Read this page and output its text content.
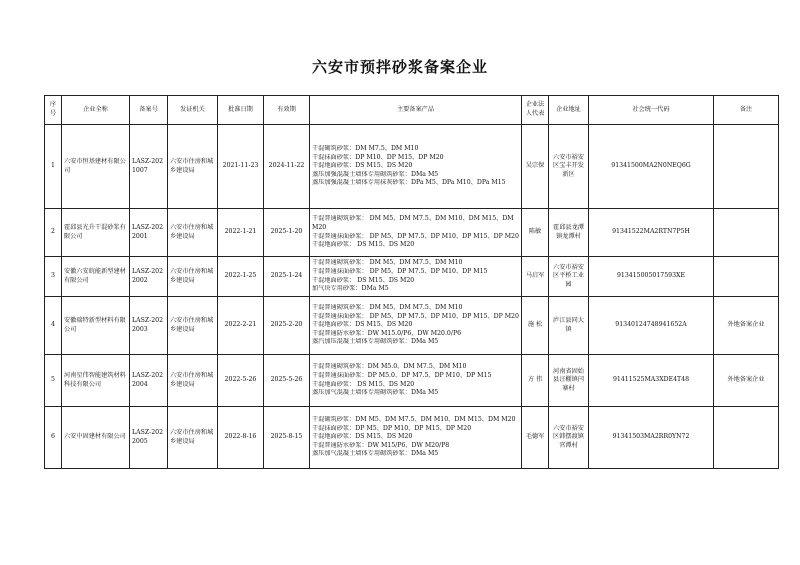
六安市预拌砂浆备案企业
序号	企业全称	备案号	发证机关	批准日期	有效期	主要备案产品	企业法人代表	企业地址	社会统一代码	备注
1	六安市恒基建材有限公司	LASZ-2021007	六安市住房和城乡建设局	2021-11-23	2024-11-22	干混砌筑砂浆：DM M7.5、DM M10
干混抹面砂浆：DP M10、DP M15、DP M20
干混地面砂浆：DS M15、DS M20
蒸压加强混凝土墙体专用砌筑砂浆：DMa M5
蒸压加强混凝土墙体专用抹灰砂浆：DPa M5、DPa M10、DPa M15	吴宗保	六安市裕安区宝丰开发新区	91341500MA2N0NEQ6G	
2	霍邱县光升干混砂浆有限公司	LASZ-2022001	六安市住房和城乡建设局	2022-1-21	2025-1-20	干混普通砌筑砂浆： DM M5、DM M7.5、DM M10、DM M15、DM M20
干混普通抹面砂浆： DP M5、DP M7.5、DP M10、DP M15、DP M20
干混地面砂浆： DS M15、DS M20	陈敏	霍邱县龙潭镇龙潭村	91341522MA2RTN7P5H	
3	安徽六安皖能新型建材有限公司	LASZ-2022002	六安市住房和城乡建设局	2022-1-25	2025-1-24	干混普通砌筑砂浆： DM M5、DM M7.5、DM M10
干混普通抹面砂浆： DP M5、DP M7.5、DP M10、DP M15
干混地面砂浆： DS M15、DS M20
加气块专用砂浆：DMa M5	马启军	六安市裕安区平桥工业园	913415005017593XE	
4	安徽瑞特新型材料有限公司	LASZ-2022003	六安市住房和城乡建设局	2022-2-21	2025-2-20	干混普通砌筑砂浆： DM M5、DM M7.5、DM M10
干混普通抹面砂浆： DP M5、DP M7.5、DP M10、DP M15、DP M20
干混地面砂浆：DS M15、DS M20
干混普通防水砂浆：DW M15.0/P6、DW M20.0/P6
蒸汽加压混凝土墙体专用砌筑砂浆：DMa M5	施 松	庐江县同大镇	91340124748941652A	外地备案企业
5	河南星伟智能建筑材料科技有限公司	LASZ-2022004	六安市住房和城乡建设局	2022-5-26	2025-5-26	干混普通砌筑砂浆：DM M5.0、DM M7.5、DM M10
干混普通抹面砂浆：DP M5.0、DP M7.5、DP M10、DP M15
干混地面砂浆： DS M15、DS M20
蒸压加气混凝土墙体专用砌筑砂浆：DMa M5	方 伟	河南省固始县汪棚镇闫寨村	91411525MA3XDE4T48	外地备案企业
6	六安中固建材有限公司	LASZ-2022005	六安市住房和城乡建设局	2022-8-16	2025-8-15	干混砌筑砂浆：DM M5、DM M7.5、DM M10、DM M15、DM M20
干混抹面砂浆：DP M5、DP M10、DP M15、DP M20
干混地面砂浆：DS M15、DS M20
干混普通防水砂浆：DW M15/P6、DW M20/P8
蒸压加气混凝土墙体专用砌筑砂浆：DMa M5	毛德军	六安市裕安区韩摆渡镇官潭村	91341503MA2RR0YN72	
